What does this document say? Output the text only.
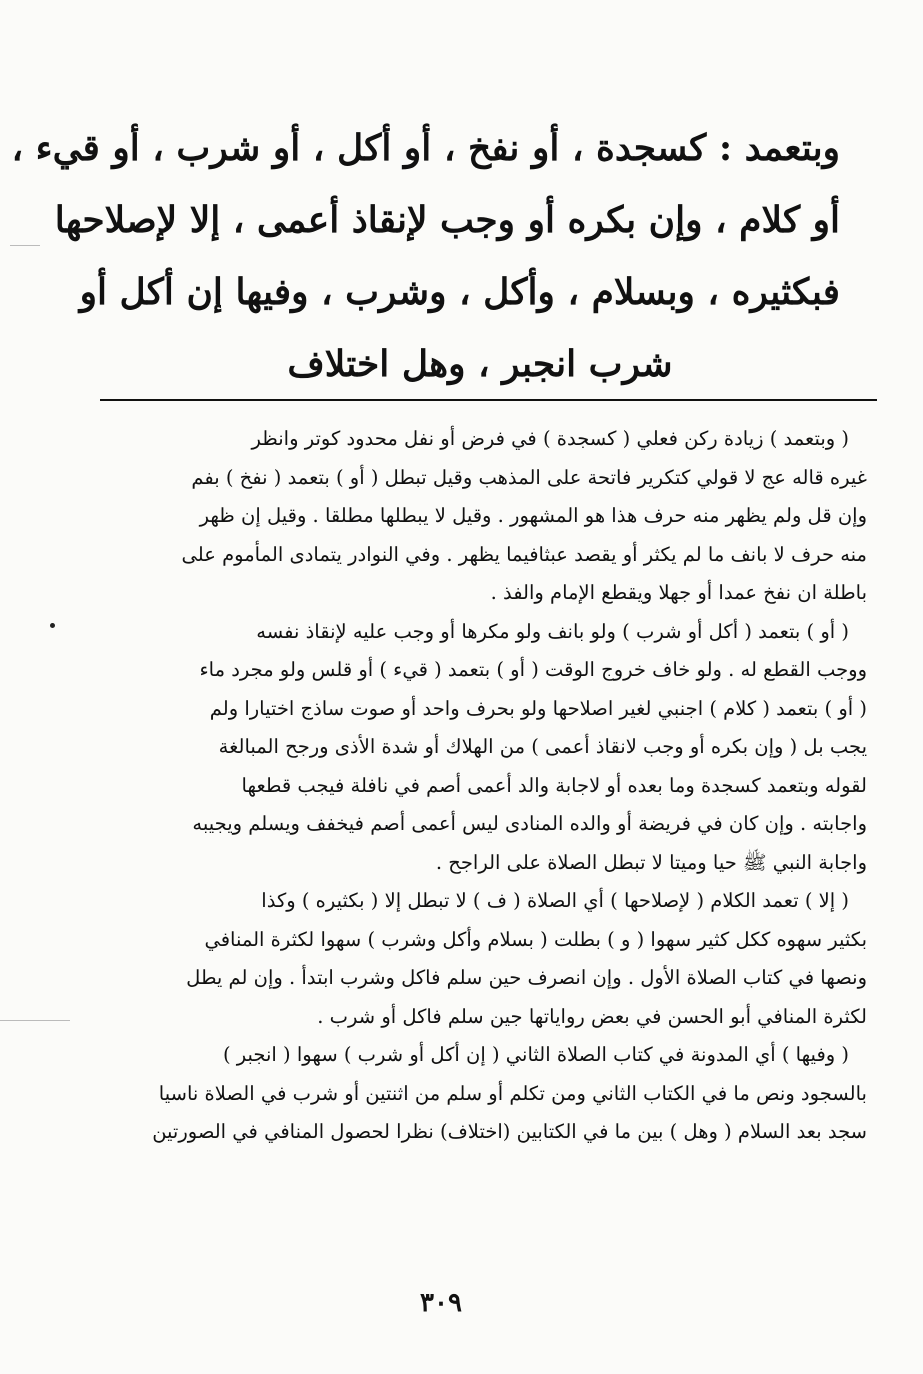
وبتعمد : كسجدة ، أو نفخ ، أو أكل ، أو شرب ، أو قيء ،
أو كلام ، وإن بكره أو وجب لإنقاذ أعمى ، إلا لإصلاحها
فبكثيره ، وبسلام ، وأكل ، وشرب ، وفيها إن أكل أو
شرب انجبر ، وهل اختلاف
( وبتعمد ) زيادة ركن فعلي ( كسجدة ) في فرض أو نفل محدود كوتر وانظر
غيره قاله عج لا قولي كتكرير فاتحة على المذهب وقيل تبطل ( أو ) بتعمد ( نفخ ) بفم
وإن قل ولم يظهر منه حرف هذا هو المشهور . وقيل لا يبطلها مطلقا . وقيل إن ظهر
منه حرف لا بانف ما لم يكثر أو يقصد عبثافيما يظهر . وفي النوادر يتمادى المأموم على
باطلة ان نفخ عمدا أو جهلا ويقطع الإمام والفذ .
( أو ) بتعمد ( أكل أو شرب ) ولو بانف ولو مكرها أو وجب عليه لإنقاذ نفسه
ووجب القطع له . ولو خاف خروج الوقت ( أو ) بتعمد ( قيء ) أو قلس ولو مجرد ماء
( أو ) بتعمد ( كلام ) اجنبي لغير اصلاحها ولو بحرف واحد أو صوت ساذج اختيارا ولم
يجب بل ( وإن بكره أو وجب لانقاذ أعمى ) من الهلاك أو شدة الأذى ورجح المبالغة
لقوله وبتعمد كسجدة وما بعده أو لاجابة والد أعمى أصم في نافلة فيجب قطعها
واجابته . وإن كان في فريضة أو والده المنادى ليس أعمى أصم فيخفف ويسلم ويجيبه
واجابة النبي ﷺ حيا وميتا لا تبطل الصلاة على الراجح .
( إلا ) تعمد الكلام ( لإصلاحها ) أي الصلاة ( ف ) لا تبطل إلا ( بكثيره ) وكذا
بكثير سهوه ككل كثير سهوا ( و ) بطلت ( بسلام وأكل وشرب ) سهوا لكثرة المنافي
ونصها في كتاب الصلاة الأول . وإن انصرف حين سلم فاكل وشرب ابتدأ . وإن لم يطل
لكثرة المنافي أبو الحسن في بعض رواياتها جين سلم فاكل أو شرب .
( وفيها ) أي المدونة في كتاب الصلاة الثاني ( إن أكل أو شرب ) سهوا ( انجبر )
بالسجود ونص ما في الكتاب الثاني ومن تكلم أو سلم من اثنتين أو شرب في الصلاة ناسيا
سجد بعد السلام ( وهل ) بين ما في الكتابين (اختلاف) نظرا لحصول المنافي في الصورتين
٣٠٩
